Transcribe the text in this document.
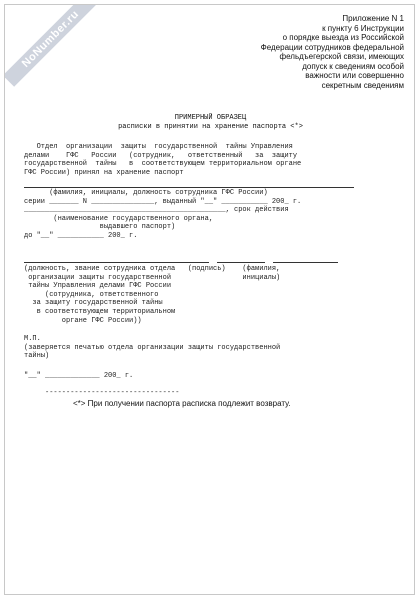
NoNumber.ru	Приложение N 1
к пункту 6 Инструкции
о порядке выезда из Российской
Федерации сотрудников федеральной
фельдъегерской связи, имеющих
допуск к сведениям особой
важности или совершенно
секретным сведениям
ПРИМЕРНЫЙ ОБРАЗЕЦ
расписки в принятии на хранение паспорта <*>
Отдел  организации  защиты  государственной  тайны Управления
делами    ГФС   России   (сотрудник,   ответственный   за  защиту
государственной  тайны   в  соответствующем территориальном органе
ГФС России) принял на хранение паспорт
(фамилия, инициалы, должность сотрудника ГФС России)
серии _______ N _______________, выданный "__" ___________ 200_ г.
________________________________________________, срок действия
(наименование государственного органа,
выдавшего паспорт)
до "__" ___________ 200_ г.
(должность, звание сотрудника отдела   (подпись)    (фамилия,
организации защиты государственной                 инициалы)
тайны Управления делами ГФС России
(сотрудника, ответственного
за защиту государственной тайны
в соответствующем территориальном
органе ГФС России))
М.П.
(заверяется печатью отдела организации защиты государственной
тайны)
"__" _____________ 200_ г.
--------------------------------
<*> При получении паспорта расписка подлежит возврату.
